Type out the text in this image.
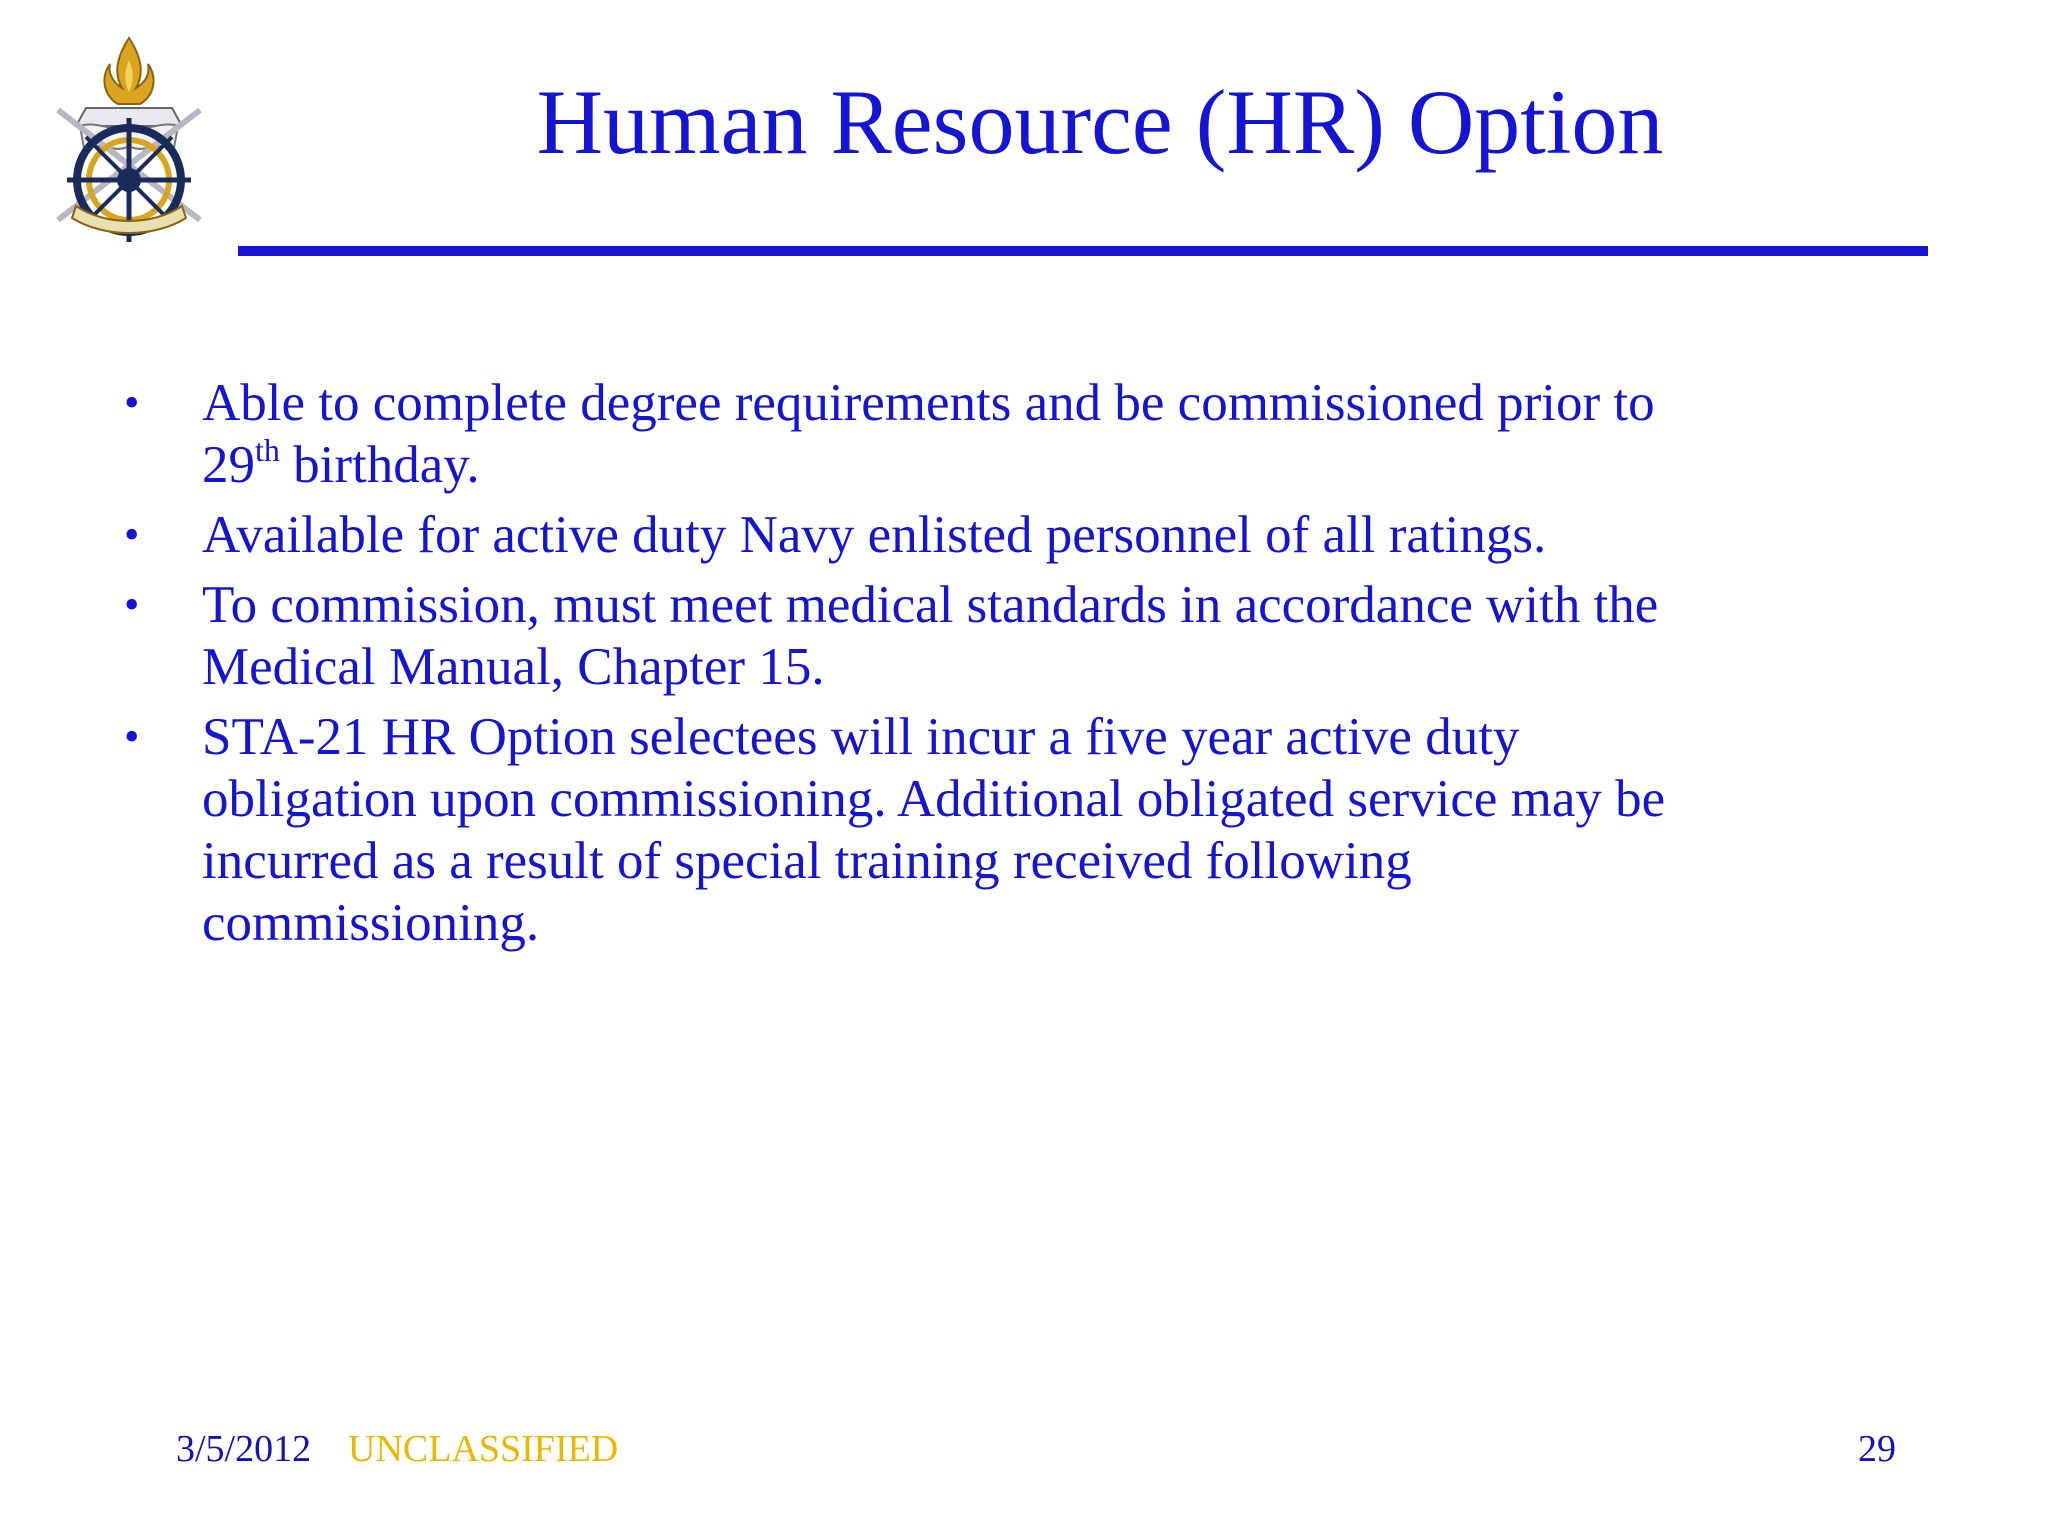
Human Resource (HR) Option
• Able to complete degree requirements and be commissioned prior to
29th birthday.
• Available for active duty Navy enlisted personnel of all ratings.
• To commission, must meet medical standards in accordance with the
Medical Manual, Chapter 15.
• STA-21 HR Option selectees will incur a five year active duty
obligation upon commissioning. Additional obligated service may be
incurred as a result of special training received following
commissioning.
3/5/2012 UNCLASSIFIED	29
